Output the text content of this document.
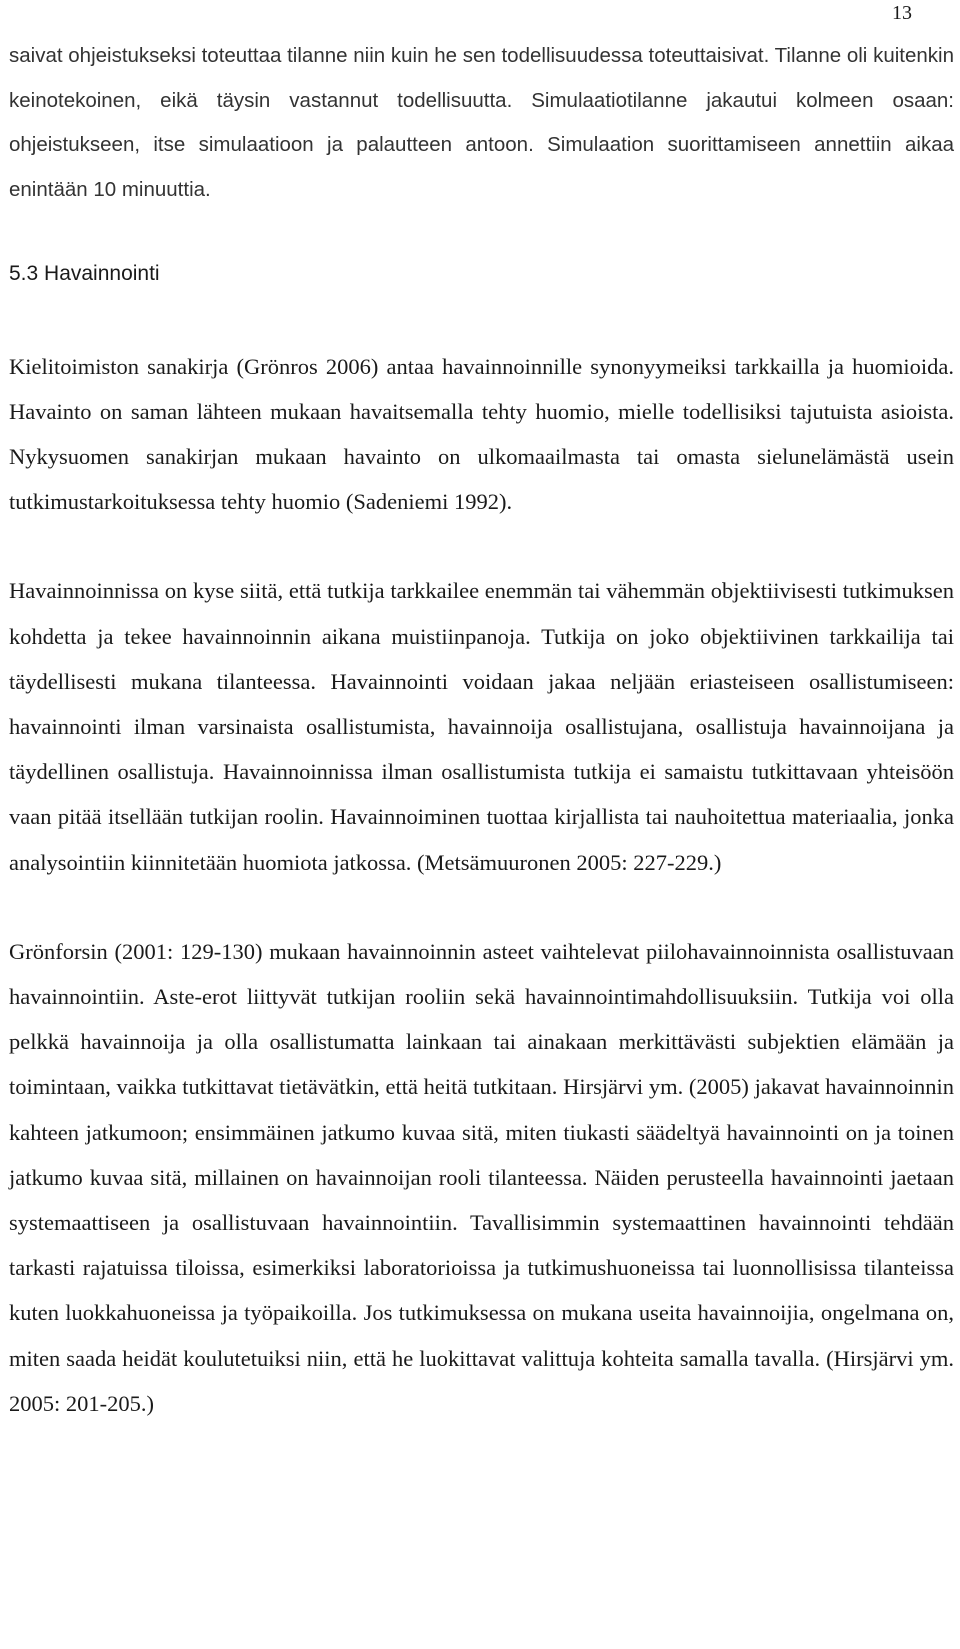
13

saivat ohjeistukseksi toteuttaa tilanne niin kuin he sen todellisuudessa toteuttaisivat. Tilanne oli kuitenkin keinotekoinen, eikä täysin vastannut todellisuutta. Simulaatiotilanne jakautui kolmeen osaan: ohjeistukseen, itse simulaatioon ja palautteen antoon. Simulaation suorittamiseen annettiin aikaa enintään 10 minuuttia.

5.3 Havainnointi

Kielitoimiston sanakirja (Grönros 2006) antaa havainnoinnille synonyymeiksi tarkkailla ja huomioida. Havainto on saman lähteen mukaan havaitsemalla tehty huomio, mielle todellisiksi tajutuista asioista. Nykysuomen sanakirjan mukaan havainto on ulkomaailmasta tai omasta sielunelämästä usein tutkimustarkoituksessa tehty huomio (Sadeniemi 1992).

Havainnoinnissa on kyse siitä, että tutkija tarkkailee enemmän tai vähemmän objektiivisesti tutkimuksen kohdetta ja tekee havainnoinnin aikana muistiinpanoja. Tutkija on joko objektiivinen tarkkailija tai täydellisesti mukana tilanteessa. Havainnointi voidaan jakaa neljään eriasteiseen osallistumiseen: havainnointi ilman varsinaista osallistumista, havainnoija osallistujana, osallistuja havainnoijana ja täydellinen osallistuja. Havainnoinnissa ilman osallistumista tutkija ei samaistu tutkittavaan yhteisöön vaan pitää itsellään tutkijan roolin. Havainnoiminen tuottaa kirjallista tai nauhoitettua materiaalia, jonka analysointiin kiinnitetään huomiota jatkossa. (Metsämuuronen 2005: 227-229.)

Grönforsin (2001: 129-130) mukaan havainnoinnin asteet vaihtelevat piilohavainnoinnista osallistuvaan havainnointiin. Aste-erot liittyvät tutkijan rooliin sekä havainnointimahdollisuuksiin. Tutkija voi olla pelkkä havainnoija ja olla osallistumatta lainkaan tai ainakaan merkittävästi subjektien elämään ja toimintaan, vaikka tutkittavat tietävätkin, että heitä tutkitaan. Hirsjärvi ym. (2005) jakavat havainnoinnin kahteen jatkumoon; ensimmäinen jatkumo kuvaa sitä, miten tiukasti säädeltyä havainnointi on ja toinen jatkumo kuvaa sitä, millainen on havainnoijan rooli tilanteessa. Näiden perusteella havainnointi jaetaan systemaattiseen ja osallistuvaan havainnointiin. Tavallisimmin systemaattinen havainnointi tehdään tarkasti rajatuissa tiloissa, esimerkiksi laboratorioissa ja tutkimushuoneissa tai luonnollisissa tilanteissa kuten luokkahuoneissa ja työpaikoilla. Jos tutkimuksessa on mukana useita havainnoijia, ongelmana on, miten saada heidät koulutetuiksi niin, että he luokittavat valittuja kohteita samalla tavalla. (Hirsjärvi ym. 2005: 201-205.)
